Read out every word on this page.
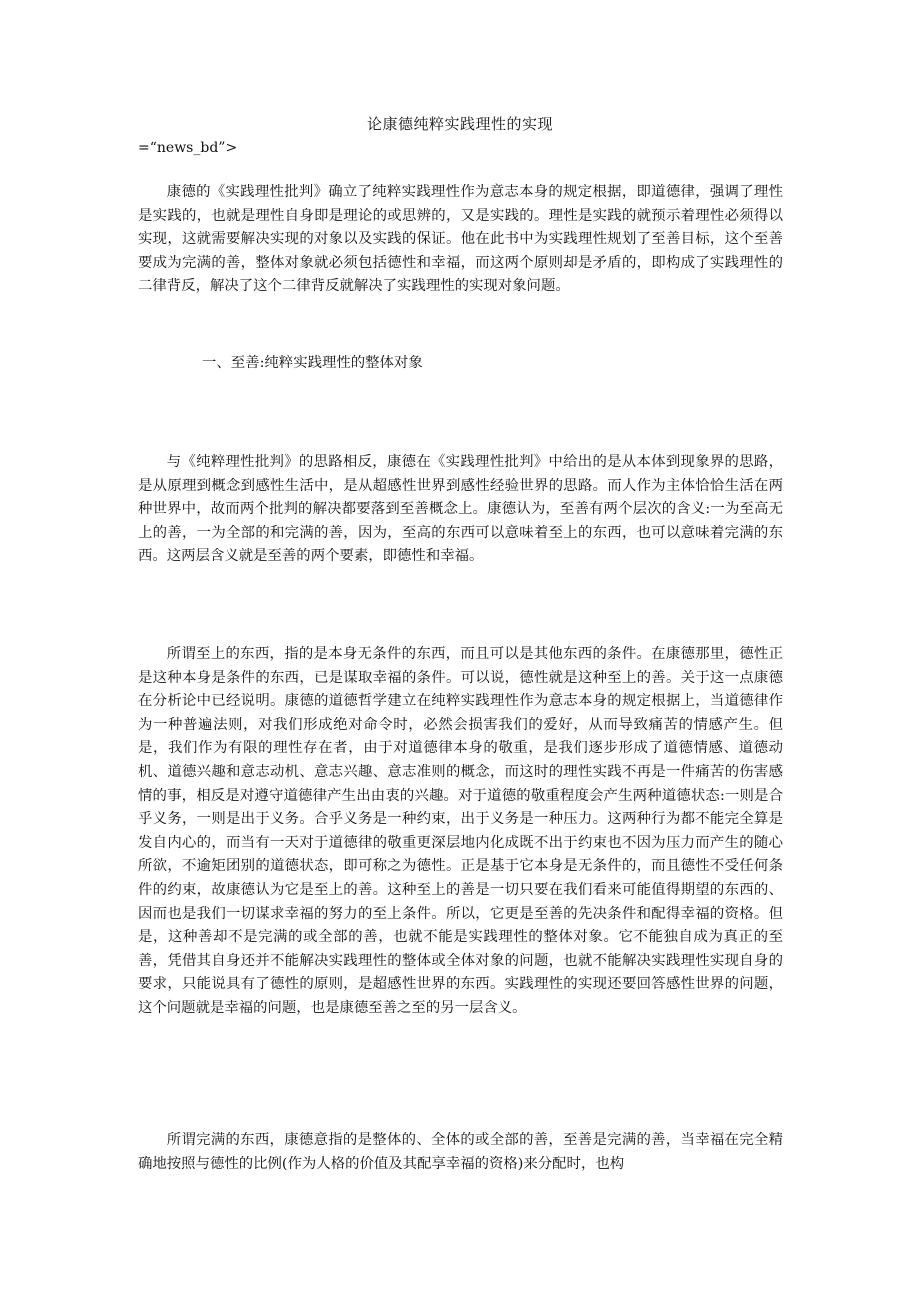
论康德纯粹实践理性的实现
=“news_bd”>

康德的《实践理性批判》确立了纯粹实践理性作为意志本身的规定根据，即道德律，强调了理性是实践的，也就是理性自身即是理论的或思辨的，又是实践的。理性是实践的就预示着理性必须得以实现，这就需要解决实现的对象以及实践的保证。他在此书中为实践理性规划了至善目标，这个至善要成为完满的善，整体对象就必须包括德性和幸福，而这两个原则却是矛盾的，即构成了实践理性的二律背反，解决了这个二律背反就解决了实践理性的实现对象问题。

一、至善:纯粹实践理性的整体对象

与《纯粹理性批判》的思路相反，康德在《实践理性批判》中给出的是从本体到现象界的思路，是从原理到概念到感性生活中，是从超感性世界到感性经验世界的思路。而人作为主体恰恰生活在两种世界中，故而两个批判的解决都要落到至善概念上。康德认为，至善有两个层次的含义:一为至高无上的善，一为全部的和完满的善，因为，至高的东西可以意味着至上的东西，也可以意味着完满的东西。这两层含义就是至善的两个要素，即德性和幸福。

所谓至上的东西，指的是本身无条件的东西，而且可以是其他东西的条件。在康德那里，德性正是这种本身是条件的东西，已是谋取幸福的条件。可以说，德性就是这种至上的善。关于这一点康德在分析论中已经说明。康德的道德哲学建立在纯粹实践理性作为意志本身的规定根据上，当道德律作为一种普遍法则，对我们形成绝对命令时，必然会损害我们的爱好，从而导致痛苦的情感产生。但是，我们作为有限的理性存在者，由于对道德律本身的敬重，是我们逐步形成了道德情感、道德动机、道德兴趣和意志动机、意志兴趣、意志准则的概念，而这时的理性实践不再是一件痛苦的伤害感情的事，相反是对遵守道德律产生出由衷的兴趣。对于道德的敬重程度会产生两种道德状态:一则是合乎义务，一则是出于义务。合乎义务是一种约束，出于义务是一种压力。这两种行为都不能完全算是发自内心的，而当有一天对于道德律的敬重更深层地内化成既不出于约束也不因为压力而产生的随心所欲，不逾矩团别的道德状态，即可称之为德性。正是基于它本身是无条件的，而且德性不受任何条件的约束，故康德认为它是至上的善。这种至上的善是一切只要在我们看来可能值得期望的东西的、因而也是我们一切谋求幸福的努力的至上条件。所以，它更是至善的先决条件和配得幸福的资格。但是，这种善却不是完满的或全部的善，也就不能是实践理性的整体对象。它不能独自成为真正的至善，凭借其自身还并不能解决实践理性的整体或全体对象的问题，也就不能解决实践理性实现自身的要求，只能说具有了德性的原则，是超感性世界的东西。实践理性的实现还要回答感性世界的问题，这个问题就是幸福的问题，也是康德至善之至的另一层含义。

所谓完满的东西，康德意指的是整体的、全体的或全部的善，至善是完满的善，当幸福在完全精确地按照与德性的比例(作为人格的价值及其配享幸福的资格)来分配时，也构
